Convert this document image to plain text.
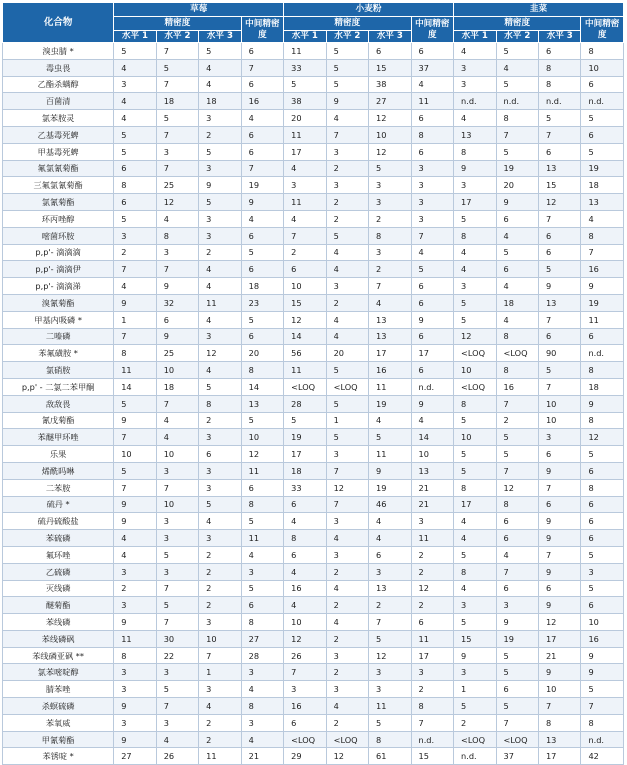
化合物	草莓				小麦粉				韭菜			
	精密度			中间精密度	精密度			中间精密度	精密度			中间精密度
	水平 1	水平 2	水平 3		水平 1	水平 2	水平 3		水平 1	水平 2	水平 3	
溴虫腈 *	5	7	5	6	11	5	6	6	4	5	6	8
毒虫畏	4	5	4	7	33	5	15	37	3	4	8	10
乙酯杀螨醇	3	7	4	6	5	5	38	4	3	5	8	6
百菌清	4	18	18	16	38	9	27	11	n.d.	n.d.	n.d.	n.d.
氯苯胺灵	4	5	3	4	20	4	12	6	4	8	5	5
乙基毒死蜱	5	7	2	6	11	7	10	8	13	7	7	6
甲基毒死蜱	5	3	5	6	17	3	12	6	8	5	6	5
氟氯氰菊酯	6	7	3	7	4	2	5	3	9	19	13	19
三氟氯氰菊酯	8	25	9	19	3	3	3	3	3	20	15	18
氯氰菊酯	6	12	5	9	11	2	3	3	17	9	12	13
环丙唑醇	5	4	3	4	4	2	2	3	5	6	7	4
嘧菌环胺	3	8	3	6	7	5	8	7	8	4	6	8
p,p'- 滴滴滴	2	3	2	5	2	4	3	4	4	5	6	7
p,p'- 滴滴伊	7	7	4	6	6	4	2	5	4	6	5	16
p,p'- 滴滴涕	4	9	4	18	10	3	7	6	3	4	9	9
溴氰菊酯	9	32	11	23	15	2	4	6	5	18	13	19
甲基内吸磷 *	1	6	4	5	12	4	13	9	5	4	7	11
二嗪磷	7	9	3	6	14	4	13	6	12	8	6	6
苯氟磺胺 *	8	25	12	20	56	20	17	17	<LOQ	<LOQ	90	n.d.
氯硝胺	11	10	4	8	11	5	16	6	10	8	5	8
p,p' - 二氯二苯甲酮	14	18	5	14	<LOQ	<LOQ	11	n.d.	<LOQ	16	7	18
敌敌畏	5	7	8	13	28	5	19	9	8	7	10	9
氰戊菊酯	9	4	2	5	5	1	4	4	5	2	10	8
苯醚甲环唑	7	4	3	10	19	5	5	14	10	5	3	12
乐果	10	10	6	12	17	3	11	10	5	5	6	5
烯酰吗啉	5	3	3	11	18	7	9	13	5	7	9	6
二苯胺	7	7	3	6	33	12	19	21	8	12	7	8
硫丹 *	9	10	5	8	6	7	46	21	17	8	6	6
硫丹硫酸盐	9	3	4	5	4	3	4	3	4	6	9	6
苯硫磷	4	3	3	11	8	4	4	11	4	6	9	6
氟环唑	4	5	2	4	6	3	6	2	5	4	7	5
乙硫磷	3	3	2	3	4	2	3	2	8	7	9	3
灭线磷	2	7	2	5	16	4	13	12	4	6	6	5
醚菊酯	3	5	2	6	4	2	2	2	3	3	9	6
苯线磷	9	7	3	8	10	4	7	6	5	9	12	10
苯线磷砜	11	30	10	27	12	2	5	11	15	19	17	16
苯线磷亚砜 **	8	22	7	28	26	3	12	17	9	5	21	9
氯苯嘧啶醇	3	3	1	3	7	2	3	3	3	5	9	9
腈苯唑	3	5	3	4	3	3	3	2	1	6	10	5
杀螟硫磷	9	7	4	8	16	4	11	8	5	5	7	7
苯氧威	3	3	2	3	6	2	5	7	2	7	8	8
甲氰菊酯	9	4	2	4	<LOQ	<LOQ	8	n.d.	<LOQ	<LOQ	13	n.d.
苯锈啶 *	27	26	11	21	29	12	61	15	n.d.	37	17	42
